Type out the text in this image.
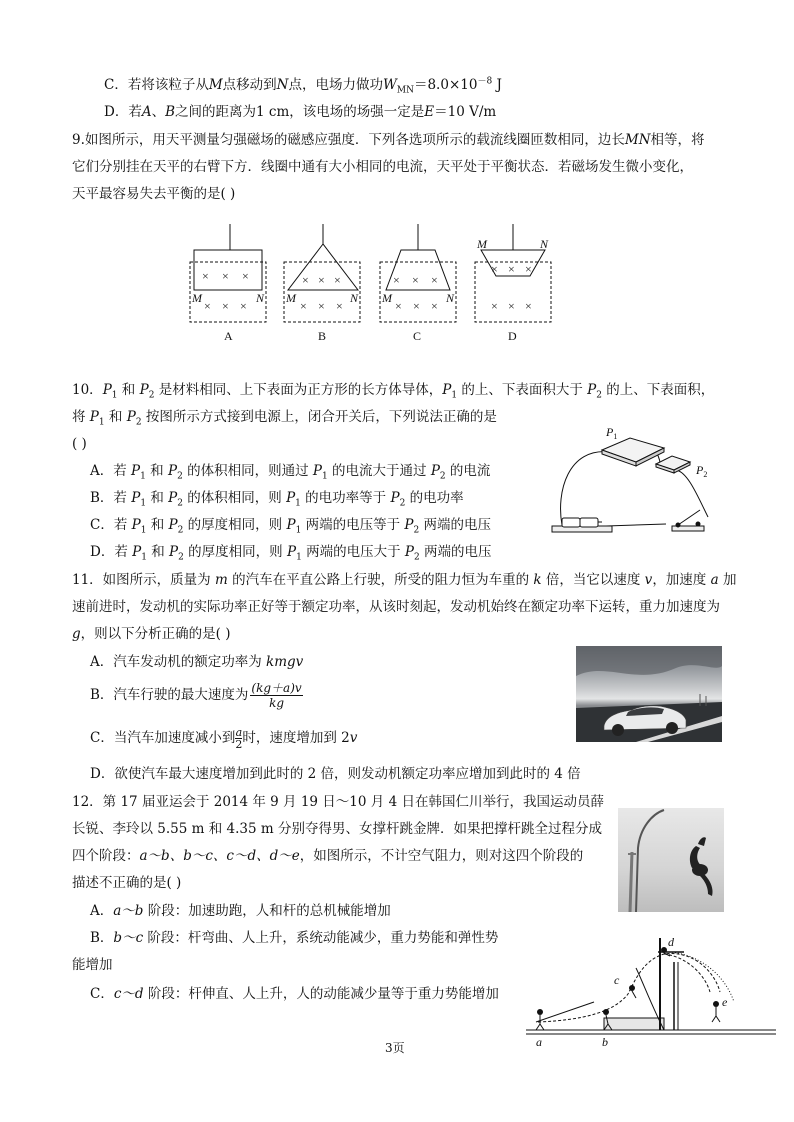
C．若将该粒子从M点移动到N点，电场力做功$W_{MN}=8.0\times 10^{-8}$ J
D．若A、B之间的距离为1 cm，该电场的场强一定是E＝10 V/m
9.如图所示，用天平测量匀强磁场的磁感应强度．下列各选项所示的载流线圈匝数相同，边长MN相等，将
它们分别挂在天平的右臂下方．线圈中通有大小相同的电流，天平处于平衡状态．若磁场发生微小变化，
天平最容易失去平衡的是( )
× × ×
× × ×
× × ×
× × ×
× × ×
× × ×
× × ×
× × ×
M	N M	N M	N
M	N
A	B	C	D
10．$P_1$ 和 $P_2$ 是材料相同、上下表面为正方形的长方体导体，$P_1$ 的上、下表面积大于 $P_2$ 的上、下表面积，
将 $P_1$ 和 $P_2$ 按图所示方式接到电源上，闭合开关后，下列说法正确的是
( )
A．若 $P_1$ 和 $P_2$ 的体积相同，则通过 $P_1$ 的电流大于通过 $P_2$ 的电流
B．若 $P_1$ 和 $P_2$ 的体积相同，则 $P_1$ 的电功率等于 $P_2$ 的电功率
C．若 $P_1$ 和 $P_2$ 的厚度相同，则 $P_1$ 两端的电压等于 $P_2$ 两端的电压
D．若 $P_1$ 和 $P_2$ 的厚度相同，则 $P_1$ 两端的电压大于 $P_2$ 两端的电压
$P_1$
$P_2$
11．如图所示，质量为 m 的汽车在平直公路上行驶，所受的阻力恒为车重的 k 倍，当它以速度 v，加速度 a 加
速前进时，发动机的实际功率正好等于额定功率，从该时刻起，发动机始终在额定功率下运转，重力加速度为
g，则以下分析正确的是( )
A．汽车发动机的额定功率为 kmgv
B．汽车行驶的最大速度为 $\frac{(kg+a)v}{kg}$
C．当汽车加速度减小到 $\frac{a}{2}$ 时，速度增加到 2v
D．欲使汽车最大速度增加到此时的 2 倍，则发动机额定功率应增加到此时的 4 倍
12．第 17 届亚运会于 2014 年 9 月 19 日～10 月 4 日在韩国仁川举行，我国运动员薛
长锐、李玲以 5.55 m 和 4.35 m 分别夺得男、女撑杆跳金牌．如果把撑杆跳全过程分成
四个阶段：a～b、b～c、c～d、d～e，如图所示，不计空气阻力，则对这四个阶段的
描述不正确的是( )
A．a～b 阶段：加速助跑，人和杆的总机械能增加
B．b～c 阶段：杆弯曲、人上升，系统动能减少，重力势能和弹性势
能增加
C．c～d 阶段：杆伸直、人上升，人的动能减少量等于重力势能增加
a	b
c
d
e
3页
